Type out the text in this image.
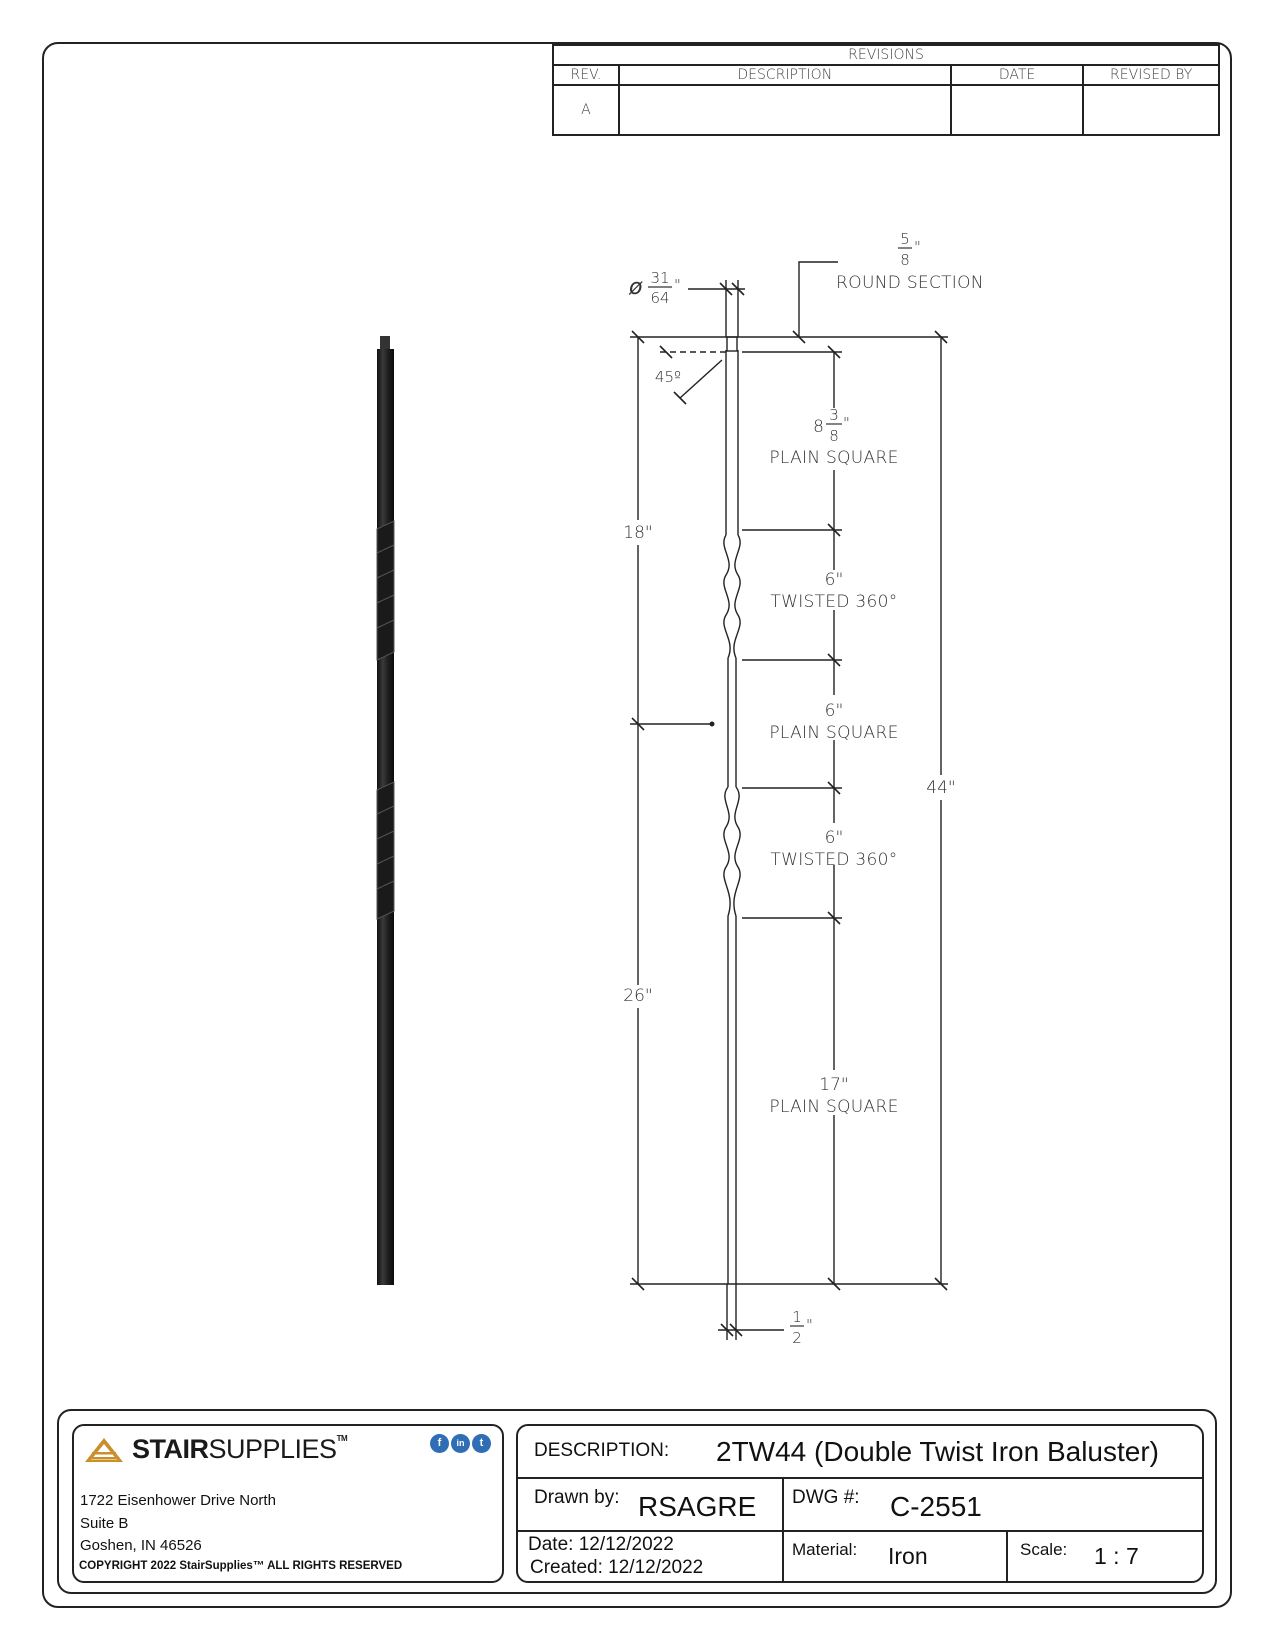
REVISIONS			
REV.	DESCRIPTION	DATE	REVISED BY
A			
ø 31
64
"
5
8
"
ROUND SECTION
45º
18"
26"
44"
8
3
8
"
PLAIN SQUARE
6"
TWISTED 360°
6"
PLAIN SQUARE
6"
TWISTED 360°
17"
PLAIN SQUARE
1
2
"
STAIRSUPPLIES™	f	in	t
1722 Eisenhower Drive North
Suite B
Goshen, IN 46526
COPYRIGHT 2022 StairSupplies™ ALL RIGHTS RESERVED
DESCRIPTION: 2TW44 (Double Twist Iron Baluster)
Drawn by: RSAGRE DWG #: C-2551
Date: 12/12/2022
Created: 12/12/2022
Material: Iron	Scale: 1 : 7
